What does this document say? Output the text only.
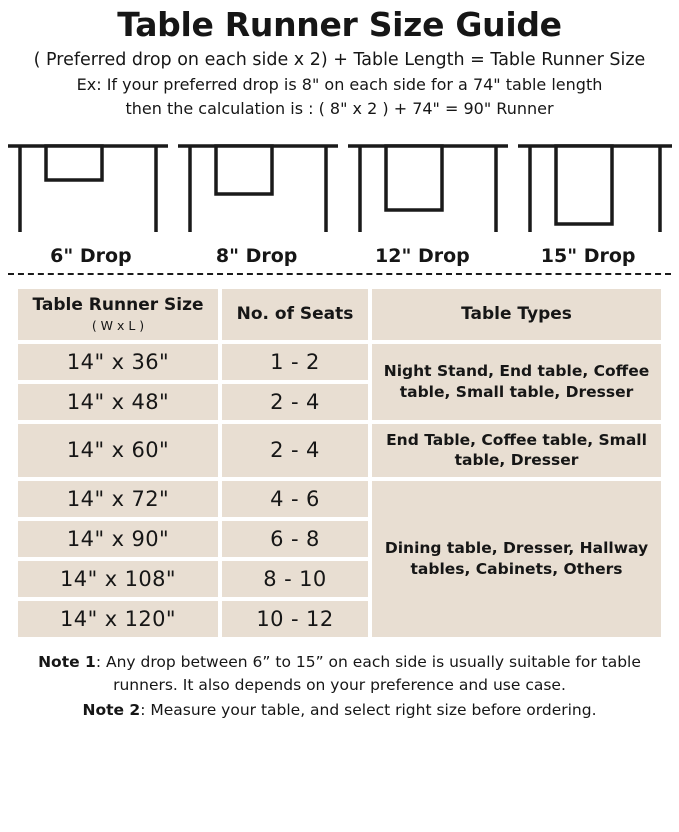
Table Runner Size Guide
( Preferred drop on each side x 2) + Table Length = Table Runner Size
Ex: If your preferred drop is 8" on each side for a 74" table length
then the calculation is : ( 8" x 2 ) + 74" = 90" Runner
6" Drop	8" Drop	12" Drop	15" Drop
Table Runner Size
( W x L )	No. of Seats	Table Types
14" x 36"	1 - 2	Night Stand, End table, Coffee table, Small table, Dresser
14" x 48"	2 - 4	
14" x 60"	2 - 4	End Table, Coffee table, Small table, Dresser
14" x 72"	4 - 6	Dining table, Dresser, Hallway tables, Cabinets, Others
14" x 90"	6 - 8	
14" x 108"	8 - 10	
14" x 120"	10 - 12	

Note 1: Any drop between 6” to 15” on each side is usually suitable for table runners. It also depends on your preference and use case.

Note 2: Measure your table, and select right size before ordering.
